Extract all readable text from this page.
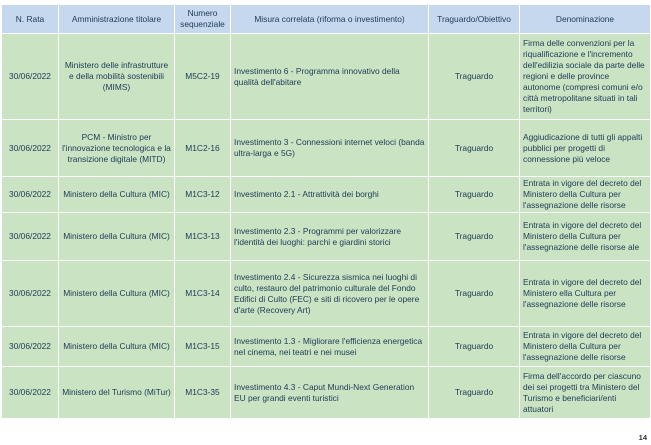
N. Rata	Amministrazione titolare	Numero sequenziale	Misura correlata (riforma o investimento)	Traguardo/Obiettivo	Denominazione
30/06/2022	Ministero delle infrastrutture e della mobilità sostenibili (MIMS)	M5C2-19	Investimento 6 - Programma innovativo della qualità dell'abitare	Traguardo	Firma delle convenzioni per la riqualificazione e l'incremento dell'edilizia sociale da parte delle regioni e delle province autonome (compresi comuni e/o città metropolitane situati in tali territori)
30/06/2022	PCM - Ministro per l'innovazione tecnologica e la transizione digitale (MITD)	M1C2-16	Investimento 3 - Connessioni internet veloci (banda ultra-larga e 5G)	Traguardo	Aggiudicazione di tutti gli appalti pubblici per progetti di connessione più veloce
30/06/2022	Ministero della Cultura (MIC)	M1C3-12	Investimento 2.1 - Attrattività dei borghi	Traguardo	Entrata in vigore del decreto del Ministero della Cultura per l'assegnazione delle risorse
30/06/2022	Ministero della Cultura (MIC)	M1C3-13	Investimento 2.3 - Programmi per valorizzare l'identità dei luoghi: parchi e giardini storici	Traguardo	Entrata in vigore del decreto del Ministero della Cultura per l'assegnazione delle risorse ale
30/06/2022	Ministero della Cultura (MIC)	M1C3-14	Investimento 2.4 - Sicurezza sismica nei luoghi di culto, restauro del patrimonio culturale del Fondo Edifici di Culto (FEC) e siti di ricovero per le opere d'arte (Recovery Art)	Traguardo	Entrata in vigore del decreto del Ministero ella Cultura per l'assegnazione delle risorse
30/06/2022	Ministero della Cultura (MIC)	M1C3-15	Investimento 1.3 - Migliorare l'efficienza energetica nel cinema, nei teatri e nei musei	Traguardo	Entrata in vigore del decreto del Ministero della Cultura per l'assegnazione delle risorse
30/06/2022	Ministero del Turismo (MiTur)	M1C3-35	Investimento 4.3 - Caput Mundi-Next Generation EU per grandi eventi turistici	Traguardo	Firma dell'accordo per ciascuno dei sei progetti tra Ministero del Turismo e beneficiari/enti attuatori
14
